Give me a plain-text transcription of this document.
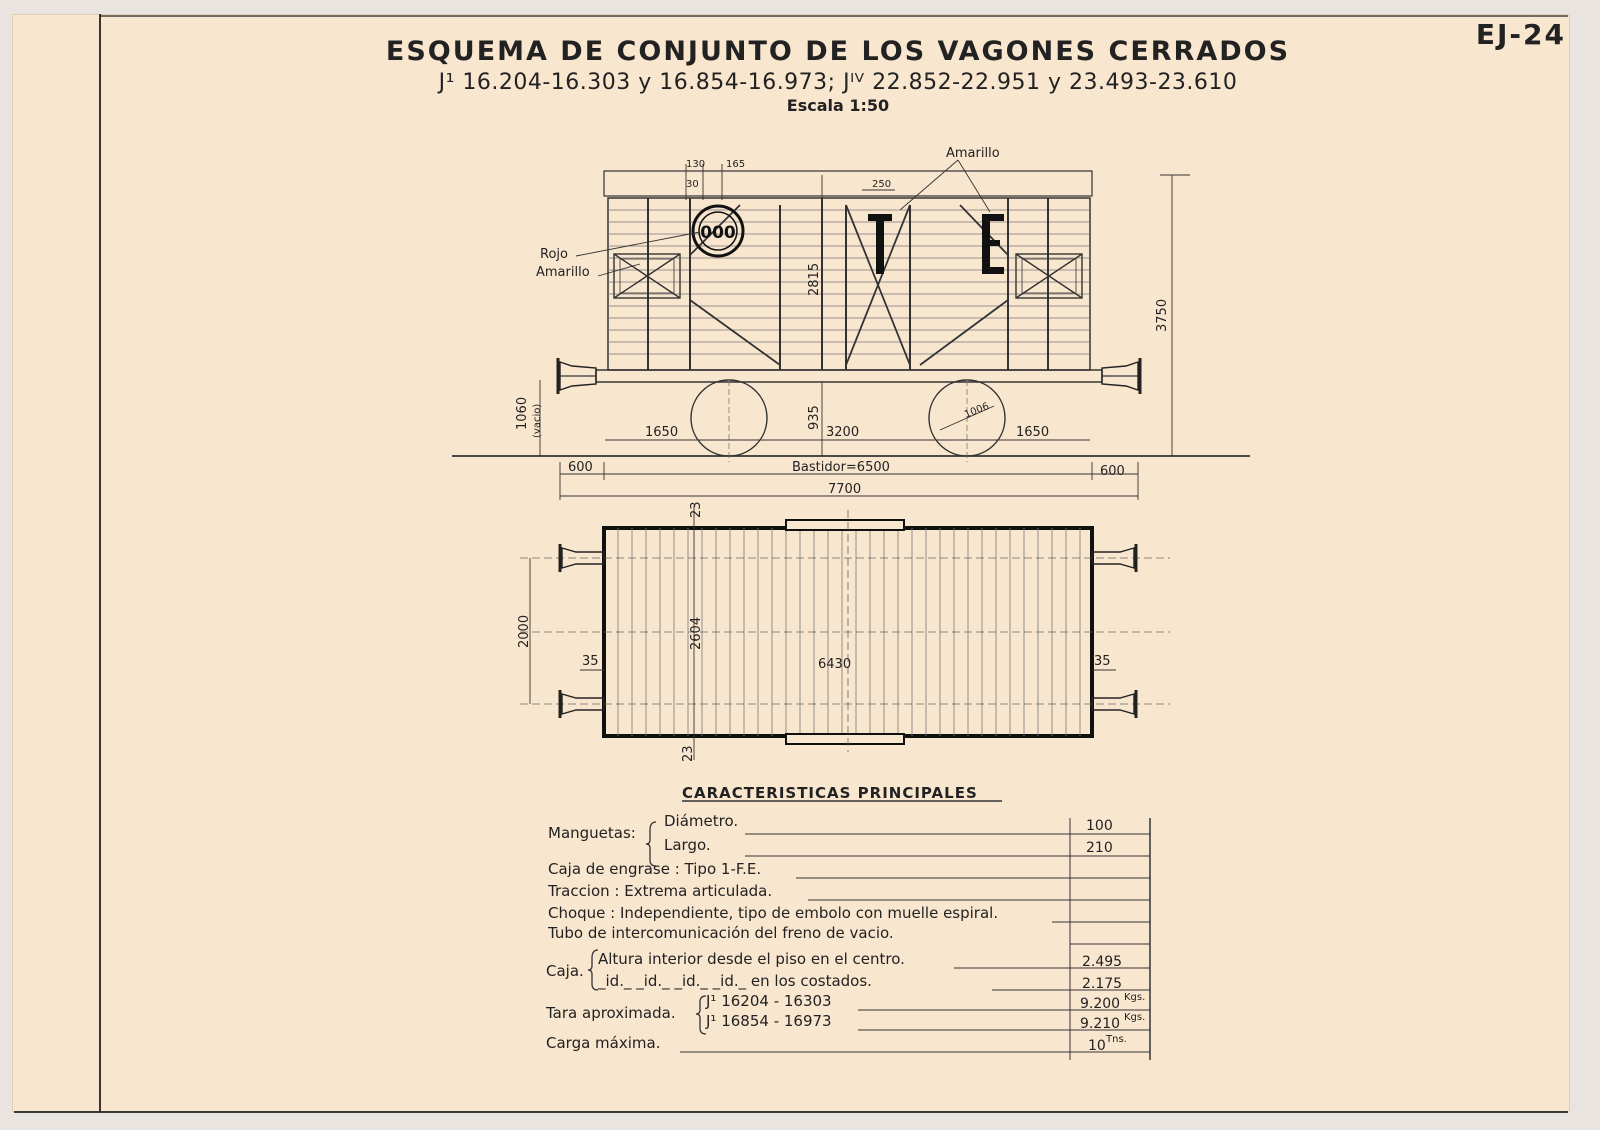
EJ-24
ESQUEMA DE CONJUNTO DE LOS VAGONES CERRADOS
J¹ 16.204-16.303 y 16.854-16.973; Jᴵⱽ 22.852-22.951 y 23.493-23.610
Escala 1:50
Amarillo
Rojo
Amarillo
000
130 165
30	250
2815
3750
1060 (vacio)	935
1650	3200	1650
1006
600	Bastidor=6500	600
7700
23
2000	2604
35	6430	35
23
CARACTERISTICAS PRINCIPALES
Manguetas:
Diámetro.	100
Largo.	210
Caja de engrase : Tipo 1-F.E.
Traccion : Extrema articulada.
Choque : Independiente, tipo de embolo con muelle espiral.
Tubo de intercomunicación del freno de vacio.
Caja.
Altura interior desde el piso en el centro.	2.495
_id._ _id._ _id._ _id._ en los costados.	2.175
Tara aproximada.
J¹ 16204 - 16303	9.200 Kgs.
J¹ 16854 - 16973	9.210 Kgs.
Carga máxima.	10 Tns.
